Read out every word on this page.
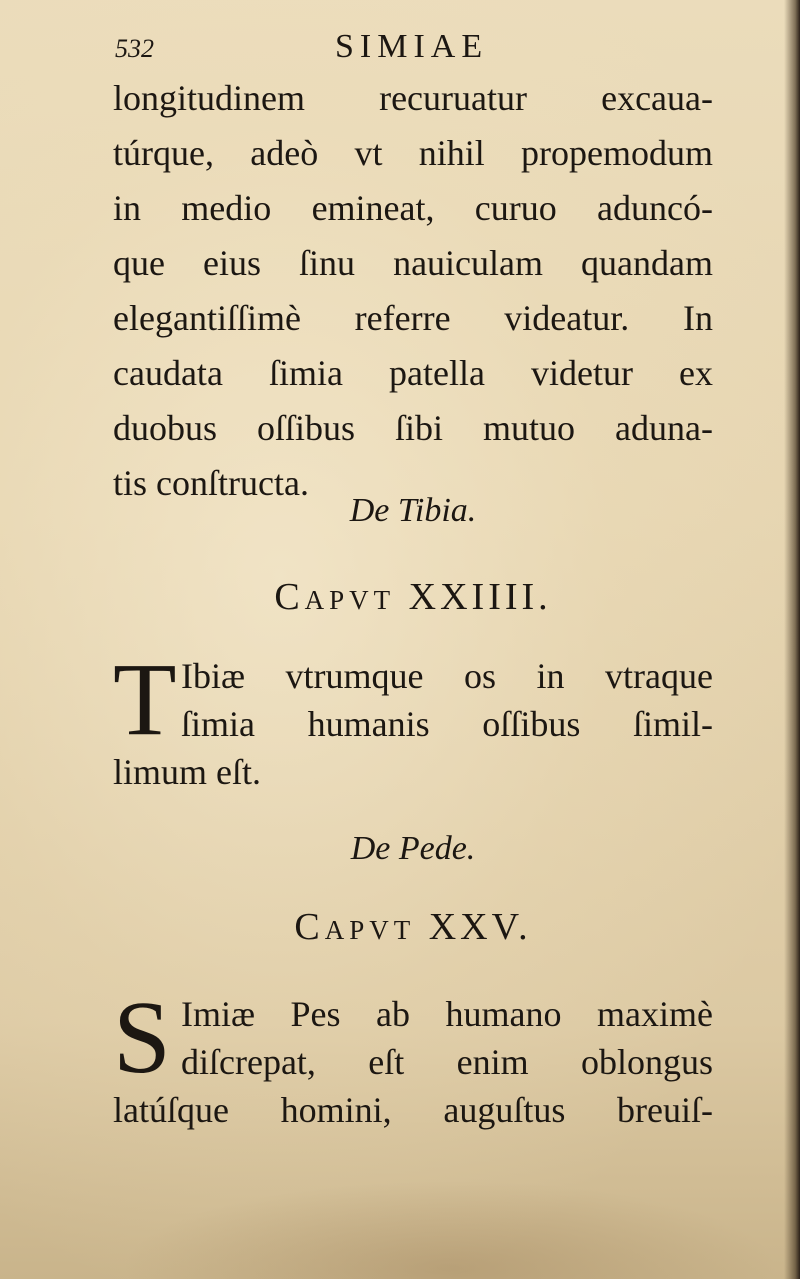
532	SIMIAE
longitudinem recuruatur excaua-
túrque, adeò vt nihil propemodum
in medio emineat, curuo aduncó-
que eius ſinu nauiculam quandam
elegantiſſimè referre videatur. In
caudata ſimia patella videtur ex
duobus oſſibus ſibi mutuo aduna-
tis conſtructa.
De Tibia.
Capvt XXIIII.
T Ibiæ vtrumque os in vtraque
ſimia humanis oſſibus ſimil-
limum eſt.
De Pede.
Capvt XXV.
S Imiæ Pes ab humano maximè
diſcrepat, eſt enim oblongus
latúſque homini, auguſtus breuiſ-
